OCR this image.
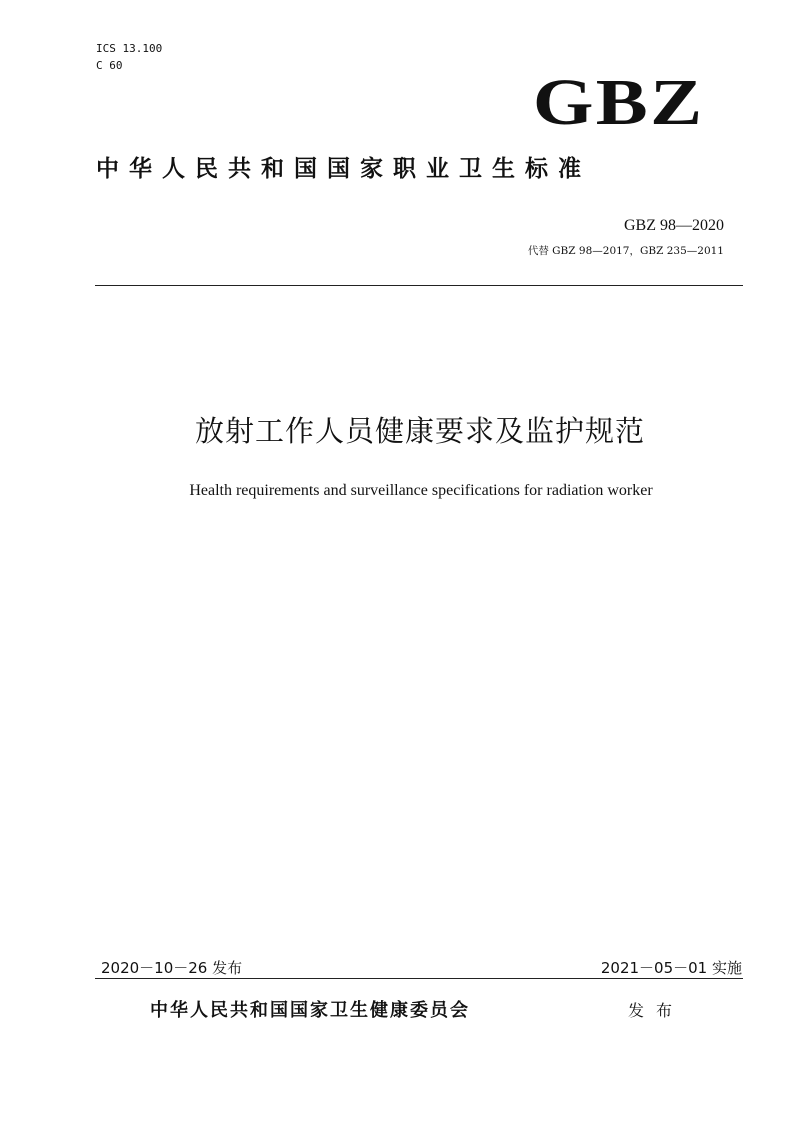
ICS 13.100
C 60
GBZ
中华人民共和国国家职业卫生标准
GBZ 98—2020
代替 GBZ 98—2017，GBZ 235—2011
放射工作人员健康要求及监护规范
Health requirements and surveillance specifications for radiation worker
2020－10－26 发布	2021－05－01 实施
中华人民共和国国家卫生健康委员会	发布
